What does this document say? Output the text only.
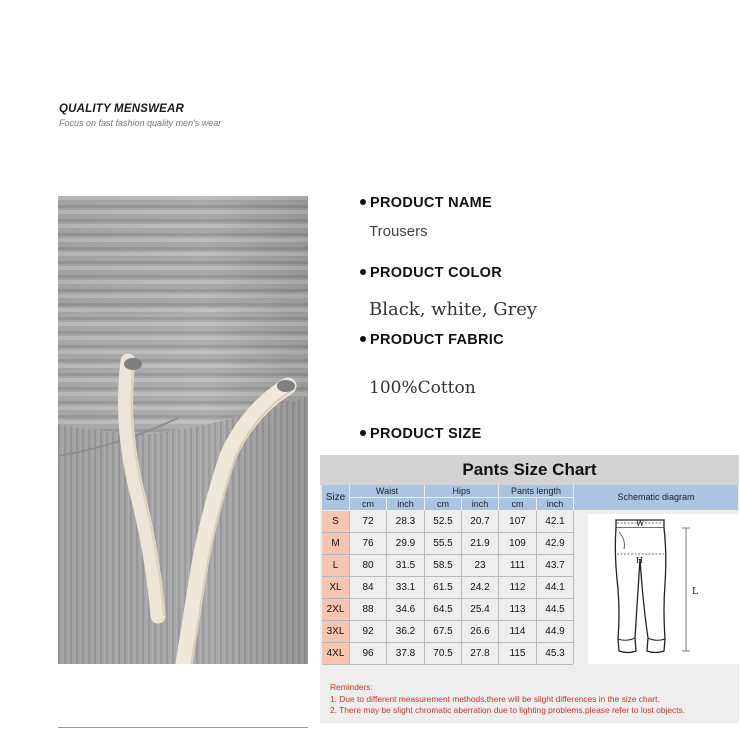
QUALITY MENSWEAR
Focus on fast fashion quality men's wear
PRODUCT NAME
Trousers
PRODUCT COLOR
Black, white, Grey
PRODUCT FABRIC
100%Cotton
PRODUCT SIZE
Pants Size Chart
Size
Waist	Hips	Pants length
cm	inch	cm	inch	cm	inch
Schematic diagram
S	72	28.3	52.5	20.7	107	42.1
M	76	29.9	55.5	21.9	109	42.9
L	80	31.5	58.5	23	111	43.7
XL	84	33.1	61.5	24.2	112	44.1
2XL	88	34.6	64.5	25.4	113	44.5
3XL	92	36.2	67.5	26.6	114	44.9
4XL	96	37.8	70.5	27.8	115	45.3
W
H
L
Reminders:
1. Due to different measurement methods,there will be slight differences in the size chart.
2. There may be slight chromatic aberration due to lighting problems.please refer to lost objects.
